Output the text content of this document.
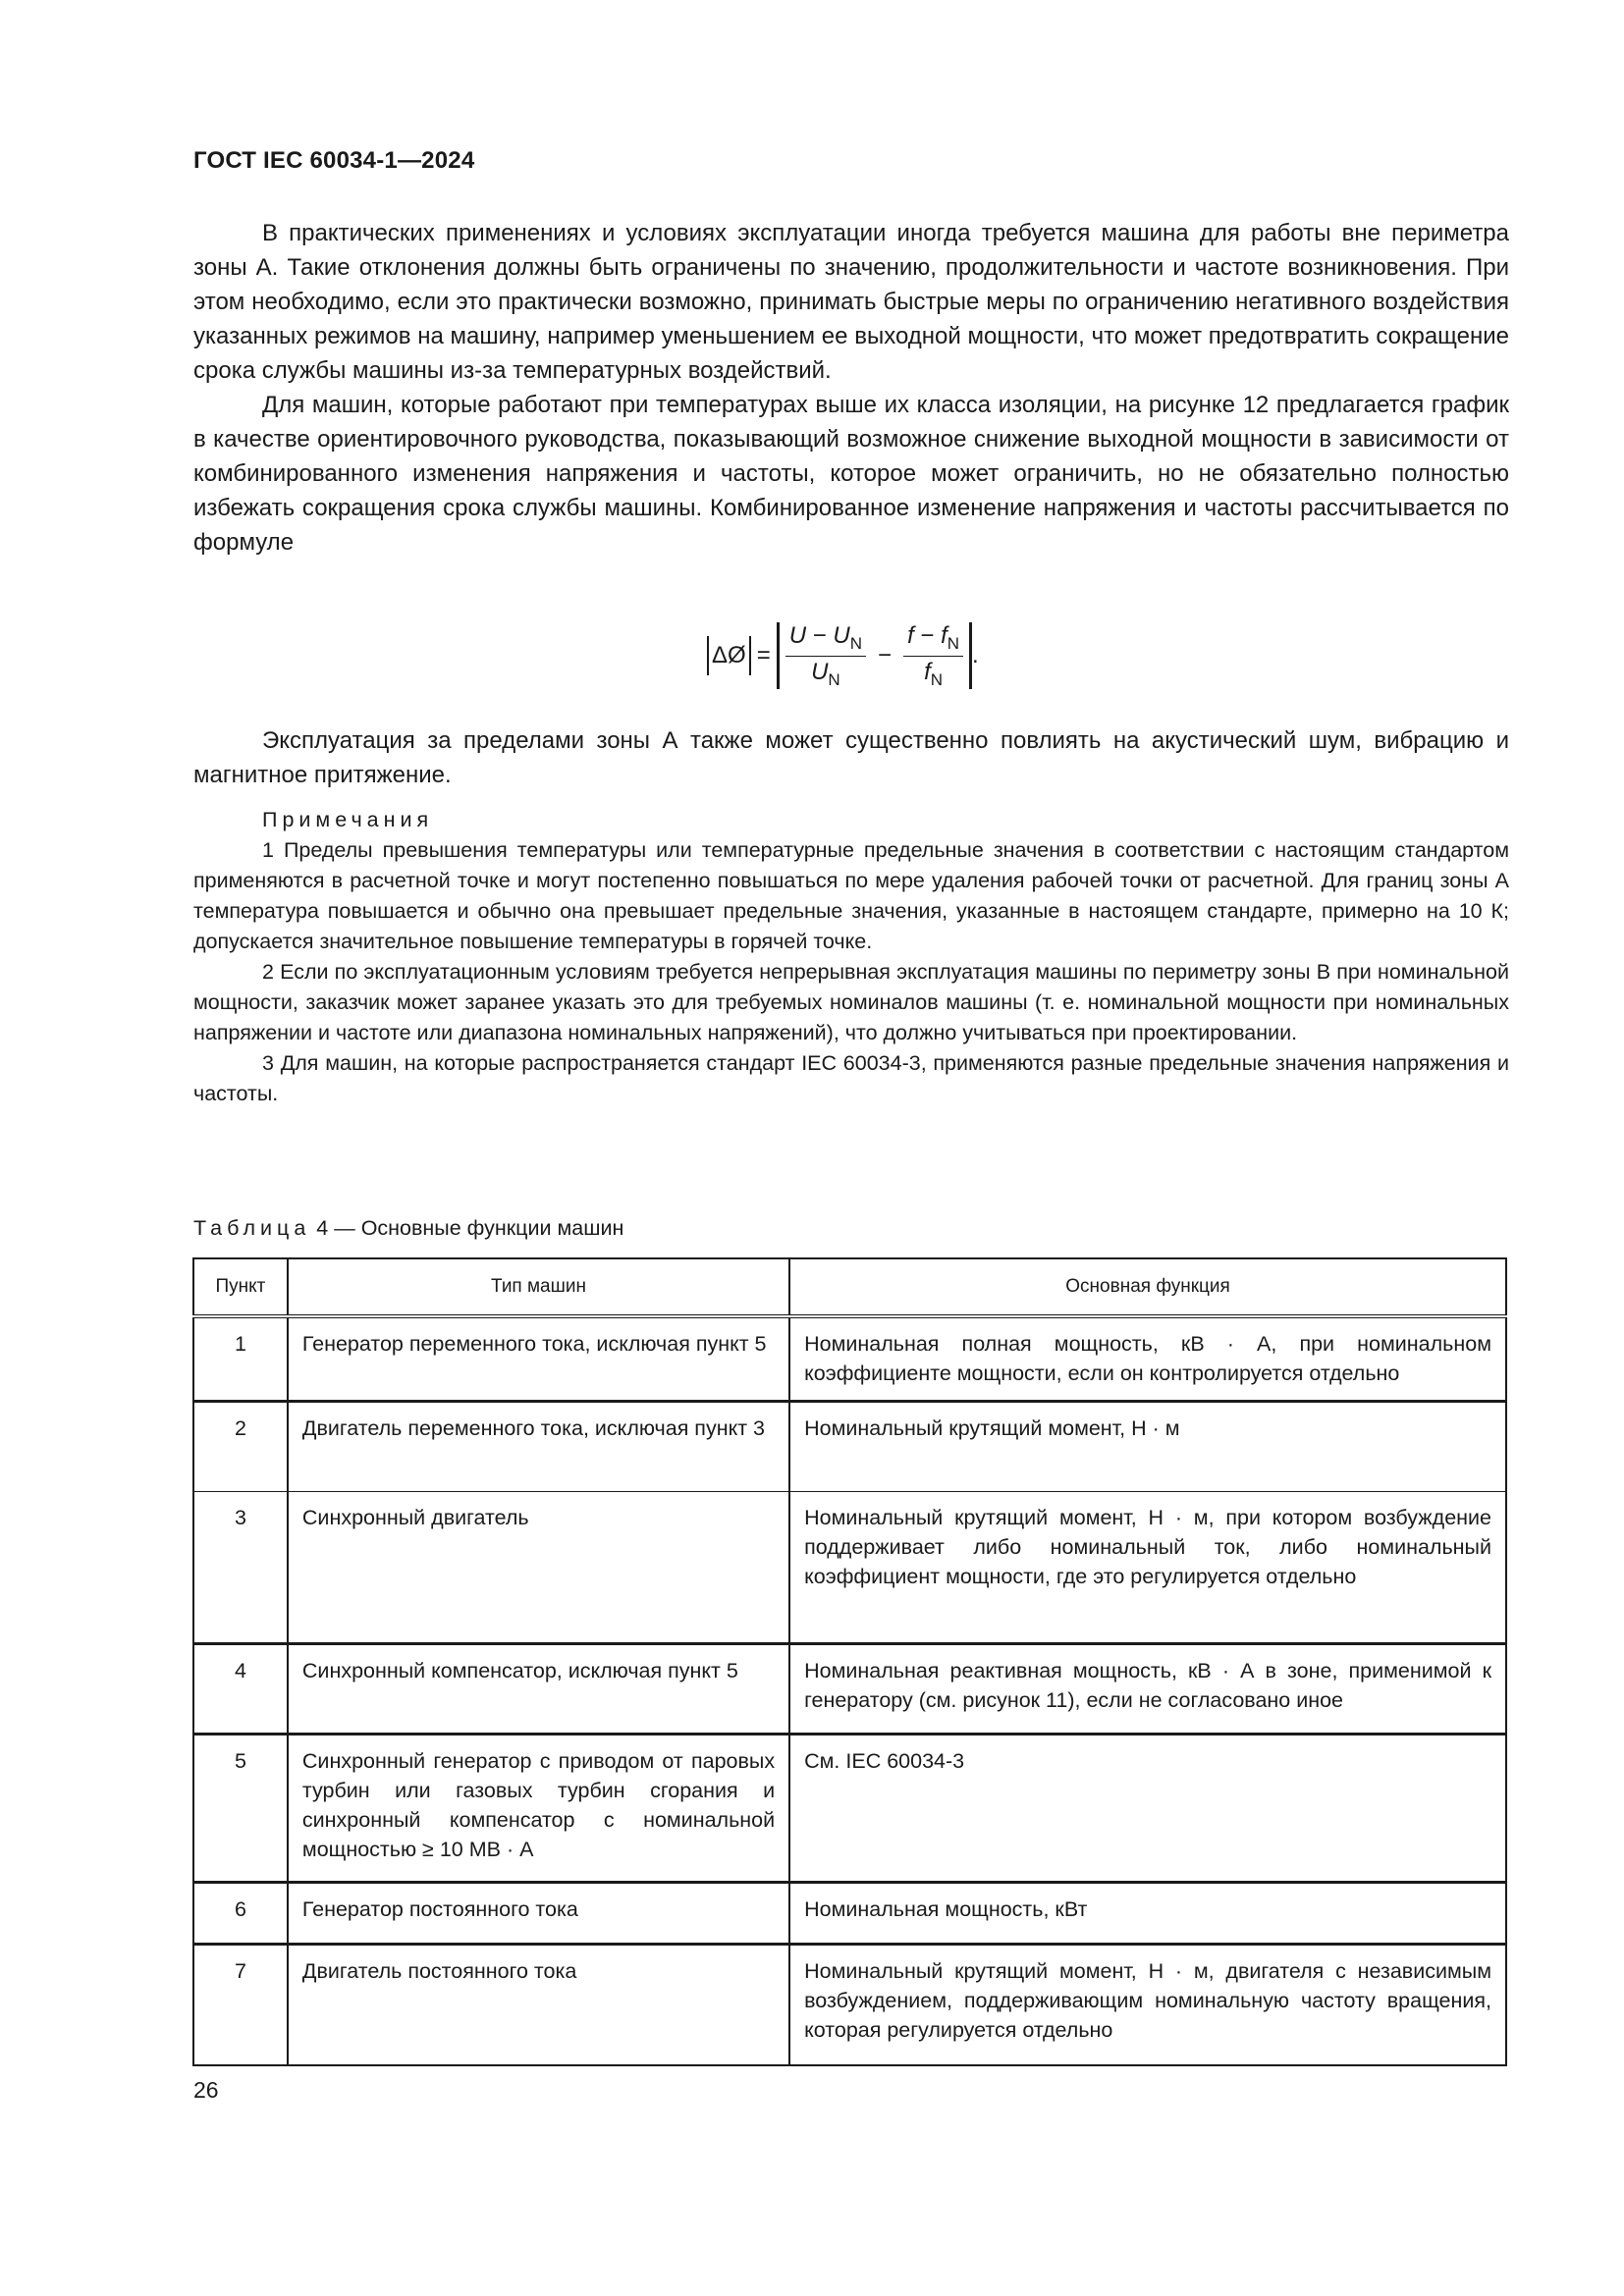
ГОСТ IEC 60034-1—2024

В практических применениях и условиях эксплуатации иногда требуется машина для работы вне периметра зоны А. Такие отклонения должны быть ограничены по значению, продолжительности и частоте возникновения. При этом необходимо, если это практически возможно, принимать быстрые меры по ограничению негативного воздействия указанных режимов на машину, например уменьшением ее выходной мощности, что может предотвратить сокращение срока службы машины из-за температурных воздействий.

Для машин, которые работают при температурах выше их класса изоляции, на рисунке 12 предлагается график в качестве ориентировочного руководства, показывающий возможное снижение выходной мощности в зависимости от комбинированного изменения напряжения и частоты, которое может ограничить, но не обязательно полностью избежать сокращения срока службы машины. Комбинированное изменение напряжения и частоты рассчитывается по формуле

ΔØ = $\frac{U - U_N}{U_N} - \frac{f - f_N}{f_N}$ .

Эксплуатация за пределами зоны А также может существенно повлиять на акустический шум, вибрацию и магнитное притяжение.

Примечания

1 Пределы превышения температуры или температурные предельные значения в соответствии с настоящим стандартом применяются в расчетной точке и могут постепенно повышаться по мере удаления рабочей точки от расчетной. Для границ зоны А температура повышается и обычно она превышает предельные значения, указанные в настоящем стандарте, примерно на 10 К; допускается значительное повышение температуры в горячей точке.

2 Если по эксплуатационным условиям требуется непрерывная эксплуатация машины по периметру зоны В при номинальной мощности, заказчик может заранее указать это для требуемых номиналов машины (т. е. номинальной мощности при номинальных напряжении и частоте или диапазона номинальных напряжений), что должно учитываться при проектировании.

3 Для машин, на которые распространяется стандарт IEC 60034-3, применяются разные предельные значения напряжения и частоты.

Таблица 4 — Основные функции машин
Пункт	Тип машин	Основная функция
1	Генератор переменного тока, исключая пункт 5	Номинальная полная мощность, кВ · А, при номинальном коэффициенте мощности, если он контролируется отдельно
2	Двигатель переменного тока, исключая пункт 3	Номинальный крутящий момент, Н · м
3	Синхронный двигатель	Номинальный крутящий момент, Н · м, при котором возбуждение поддерживает либо номинальный ток, либо номинальный коэффициент мощности, где это регулируется отдельно
4	Синхронный компенсатор, исключая пункт 5	Номинальная реактивная мощность, кВ · А в зоне, применимой к генератору (см. рисунок 11), если не согласовано иное
5	Синхронный генератор с приводом от паровых турбин или газовых турбин сгорания и синхронный компенсатор с номинальной мощностью ≥ 10 МВ · А	См. IEC 60034-3
6	Генератор постоянного тока	Номинальная мощность, кВт
7	Двигатель постоянного тока	Номинальный крутящий момент, Н · м, двигателя с независимым возбуждением, поддерживающим номинальную частоту вращения, которая регулируется отдельно
26
